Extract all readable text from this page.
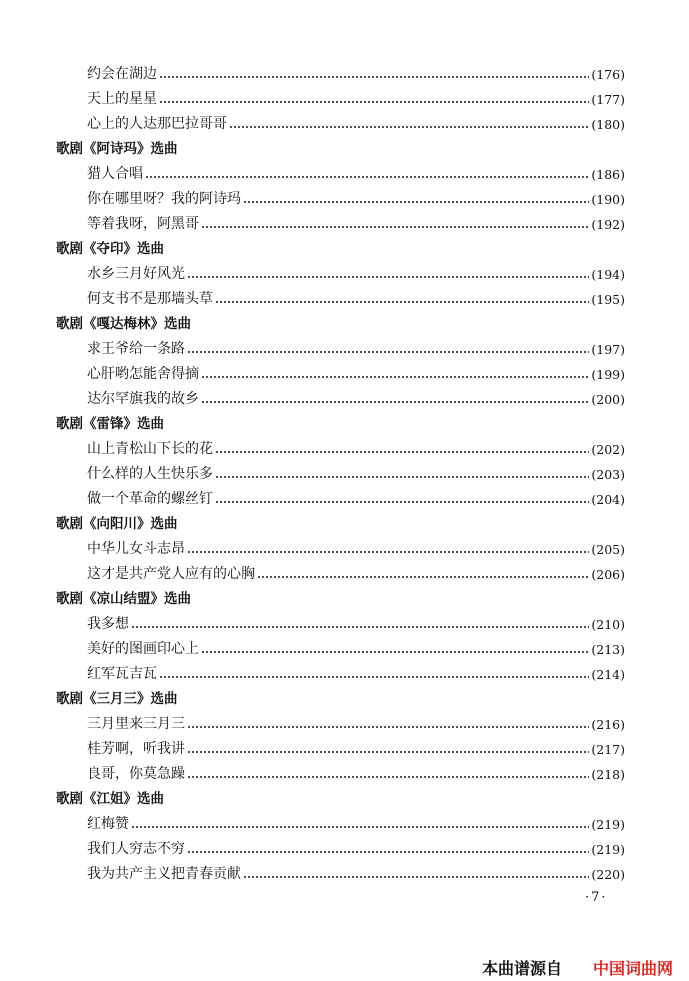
约会在湖边	(176)
天上的星星	(177)
心上的人达那巴拉哥哥	(180)
歌剧《阿诗玛》选曲
猎人合唱	(186)
你在哪里呀？我的阿诗玛	(190)
等着我呀，阿黑哥	(192)
歌剧《夺印》选曲
水乡三月好风光	(194)
何支书不是那墙头草	(195)
歌剧《嘎达梅林》选曲
求王爷给一条路	(197)
心肝哟怎能舍得摘	(199)
达尔罕旗我的故乡	(200)
歌剧《雷锋》选曲
山上青松山下长的花	(202)
什么样的人生快乐多	(203)
做一个革命的螺丝钉	(204)
歌剧《向阳川》选曲
中华儿女斗志昂	(205)
这才是共产党人应有的心胸	(206)
歌剧《凉山结盟》选曲
我多想	(210)
美好的图画印心上	(213)
红军瓦吉瓦	(214)
歌剧《三月三》选曲
三月里来三月三	(216)
桂芳啊，听我讲	(217)
良哥，你莫急躁	(218)
歌剧《江姐》选曲
红梅赞	(219)
我们人穷志不穷	(219)
我为共产主义把青春贡献	(220)
·7·
本曲谱源自 中国词曲网
